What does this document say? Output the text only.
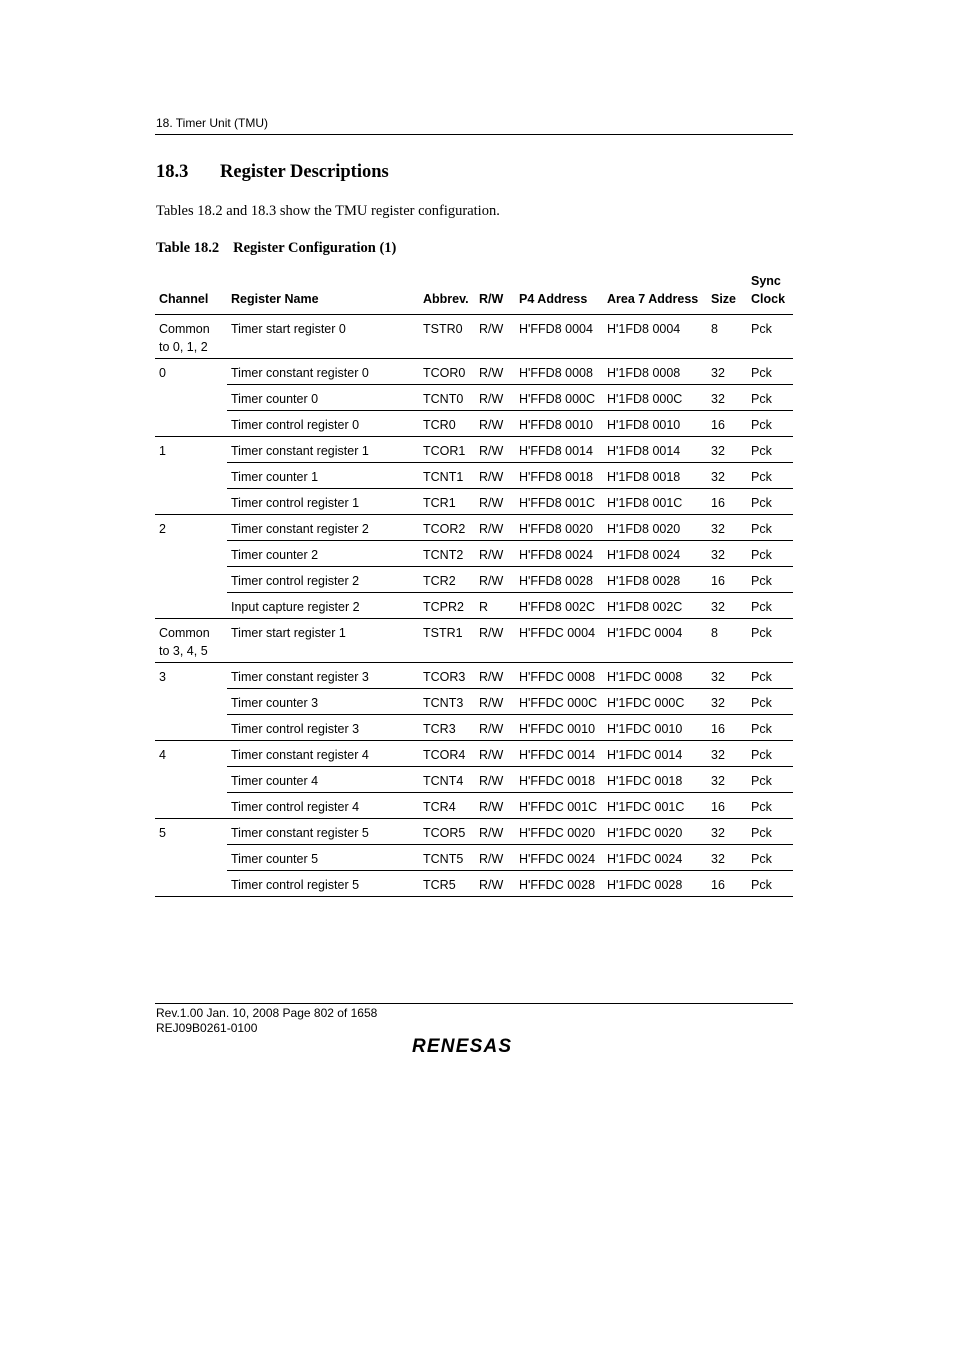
18. Timer Unit (TMU)
18.3 Register Descriptions
Tables 18.2 and 18.3 show the TMU register configuration.
Table 18.2 Register Configuration (1)
Channel	Register Name	Abbrev.	R/W	P4 Address	Area 7 Address	Size	Sync
Clock
Common
to 0, 1, 2	Timer start register 0	TSTR0	R/W	H'FFD8 0004	H'1FD8 0004	8	Pck
0	Timer constant register 0	TCOR0	R/W	H'FFD8 0008	H'1FD8 0008	32	Pck
	Timer counter 0	TCNT0	R/W	H'FFD8 000C	H'1FD8 000C	32	Pck
	Timer control register 0	TCR0	R/W	H'FFD8 0010	H'1FD8 0010	16	Pck
1	Timer constant register 1	TCOR1	R/W	H'FFD8 0014	H'1FD8 0014	32	Pck
	Timer counter 1	TCNT1	R/W	H'FFD8 0018	H'1FD8 0018	32	Pck
	Timer control register 1	TCR1	R/W	H'FFD8 001C	H'1FD8 001C	16	Pck
2	Timer constant register 2	TCOR2	R/W	H'FFD8 0020	H'1FD8 0020	32	Pck
	Timer counter 2	TCNT2	R/W	H'FFD8 0024	H'1FD8 0024	32	Pck
	Timer control register 2	TCR2	R/W	H'FFD8 0028	H'1FD8 0028	16	Pck
	Input capture register 2	TCPR2	R	H'FFD8 002C	H'1FD8 002C	32	Pck
Common
to 3, 4, 5	Timer start register 1	TSTR1	R/W	H'FFDC 0004	H'1FDC 0004	8	Pck
3	Timer constant register 3	TCOR3	R/W	H'FFDC 0008	H'1FDC 0008	32	Pck
	Timer counter 3	TCNT3	R/W	H'FFDC 000C	H'1FDC 000C	32	Pck
	Timer control register 3	TCR3	R/W	H'FFDC 0010	H'1FDC 0010	16	Pck
4	Timer constant register 4	TCOR4	R/W	H'FFDC 0014	H'1FDC 0014	32	Pck
	Timer counter 4	TCNT4	R/W	H'FFDC 0018	H'1FDC 0018	32	Pck
	Timer control register 4	TCR4	R/W	H'FFDC 001C	H'1FDC 001C	16	Pck
5	Timer constant register 5	TCOR5	R/W	H'FFDC 0020	H'1FDC 0020	32	Pck
	Timer counter 5	TCNT5	R/W	H'FFDC 0024	H'1FDC 0024	32	Pck
	Timer control register 5	TCR5	R/W	H'FFDC 0028	H'1FDC 0028	16	Pck
Rev.1.00 Jan. 10, 2008 Page 802 of 1658
REJ09B0261-0100
RENESAS
